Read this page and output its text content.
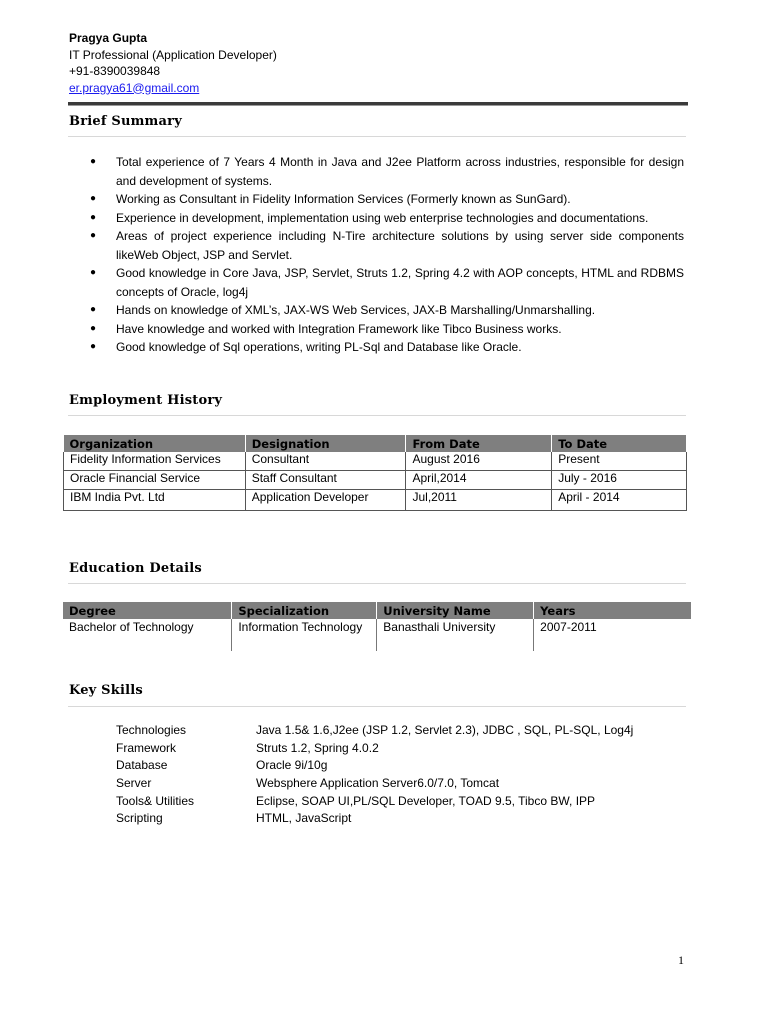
Pragya Gupta
IT Professional (Application Developer)
+91-8390039848
er.pragya61@gmail.com
Brief Summary
● Total experience of 7 Years 4 Month in Java and J2ee Platform across industries, responsible for design and development of systems.
● Working as Consultant in Fidelity Information Services (Formerly known as SunGard).
● Experience in development, implementation using web enterprise technologies and documentations.
● Areas of project experience including N-Tire architecture solutions by using server side components likeWeb Object, JSP and Servlet.
● Good knowledge in Core Java, JSP, Servlet, Struts 1.2, Spring 4.2 with AOP concepts, HTML and RDBMS concepts of Oracle, log4j
● Hands on knowledge of XML’s, JAX-WS Web Services, JAX-B Marshalling/Unmarshalling.
● Have knowledge and worked with Integration Framework like Tibco Business works.
● Good knowledge of Sql operations, writing PL-Sql and Database like Oracle.
Employment History
Organization	Designation	From Date	To Date
Fidelity Information Services	Consultant	August 2016	Present
Oracle Financial Service	Staff Consultant	April,2014	July - 2016
IBM India Pvt. Ltd	Application Developer	Jul,2011	April - 2014
Education Details
Degree	Specialization	University Name	Years
Bachelor of Technology	Information Technology	Banasthali University	2007-2011
Key Skills
Technologies	Java 1.5& 1.6,J2ee (JSP 1.2, Servlet 2.3), JDBC , SQL, PL-SQL, Log4j
Framework	Struts 1.2, Spring 4.0.2
Database	Oracle 9i/10g
Server	Websphere Application Server6.0/7.0, Tomcat
Tools& Utilities	Eclipse, SOAP UI,PL/SQL Developer, TOAD 9.5, Tibco BW, IPP
Scripting	HTML, JavaScript
1
